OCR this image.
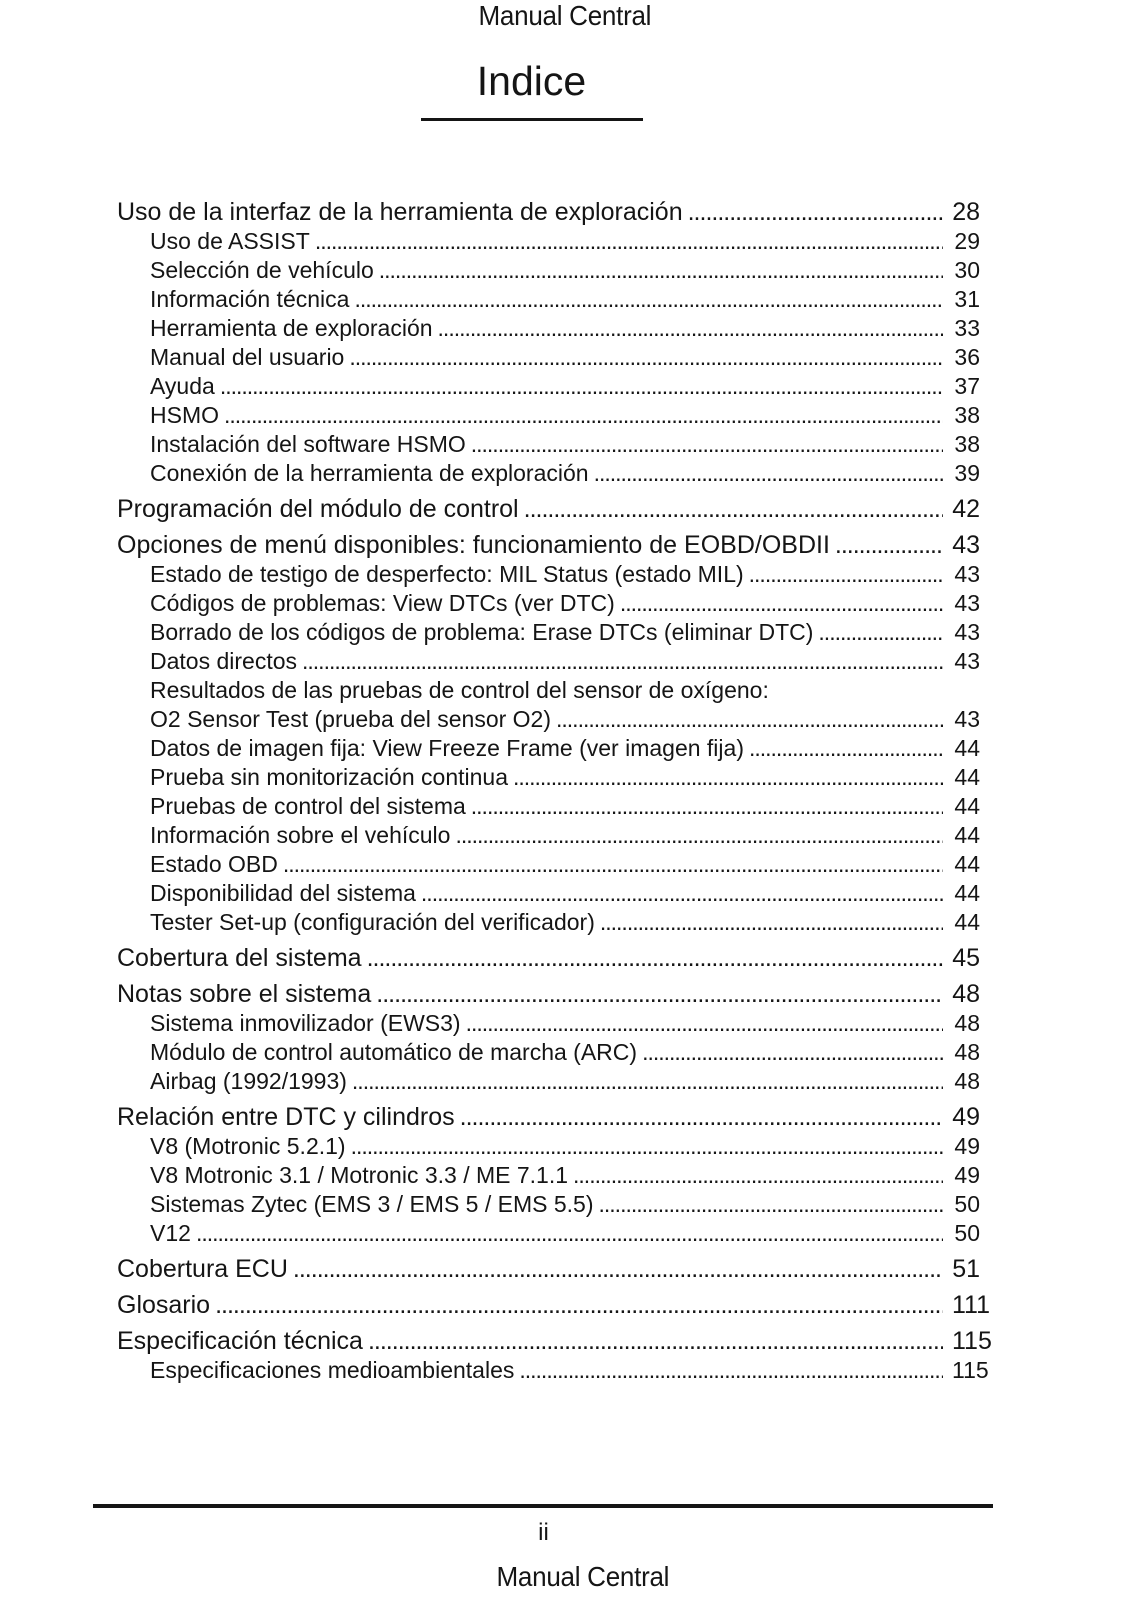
Manual Central
Indice
Uso de la interfaz de la herramienta de exploración .....	28
Uso de ASSIST .....	29
Selección de vehículo .....	30
Información técnica .....	31
Herramienta de exploración .....	33
Manual del usuario .....	36
Ayuda .....	37
HSMO .....	38
Instalación del software HSMO .....	38
Conexión de la herramienta de exploración .....	39
Programación del módulo de control .....	42
Opciones de menú disponibles: funcionamiento de EOBD/OBDII .....	43
Estado de testigo de desperfecto: MIL Status (estado MIL) .....	43
Códigos de problemas: View DTCs (ver DTC) .....	43
Borrado de los códigos de problema: Erase DTCs (eliminar DTC) .....	43
Datos directos .....	43
Resultados de las pruebas de control del sensor de oxígeno:
O2 Sensor Test (prueba del sensor O2) .....	43
Datos de imagen fija: View Freeze Frame (ver imagen fija) .....	44
Prueba sin monitorización continua .....	44
Pruebas de control del sistema .....	44
Información sobre el vehículo .....	44
Estado OBD .....	44
Disponibilidad del sistema .....	44
Tester Set-up (configuración del verificador) .....	44
Cobertura del sistema .....	45
Notas sobre el sistema .....	48
Sistema inmovilizador (EWS3) .....	48
Módulo de control automático de marcha (ARC) .....	48
Airbag (1992/1993) .....	48
Relación entre DTC y cilindros .....	49
V8 (Motronic 5.2.1) .....	49
V8 Motronic 3.1 / Motronic 3.3 / ME 7.1.1 .....	49
Sistemas Zytec (EMS 3 / EMS 5 / EMS 5.5) .....	50
V12 .....	50
Cobertura ECU .....	51
Glosario .....	111
Especificación técnica .....	115
Especificaciones medioambientales .....	115
ii
Manual Central
